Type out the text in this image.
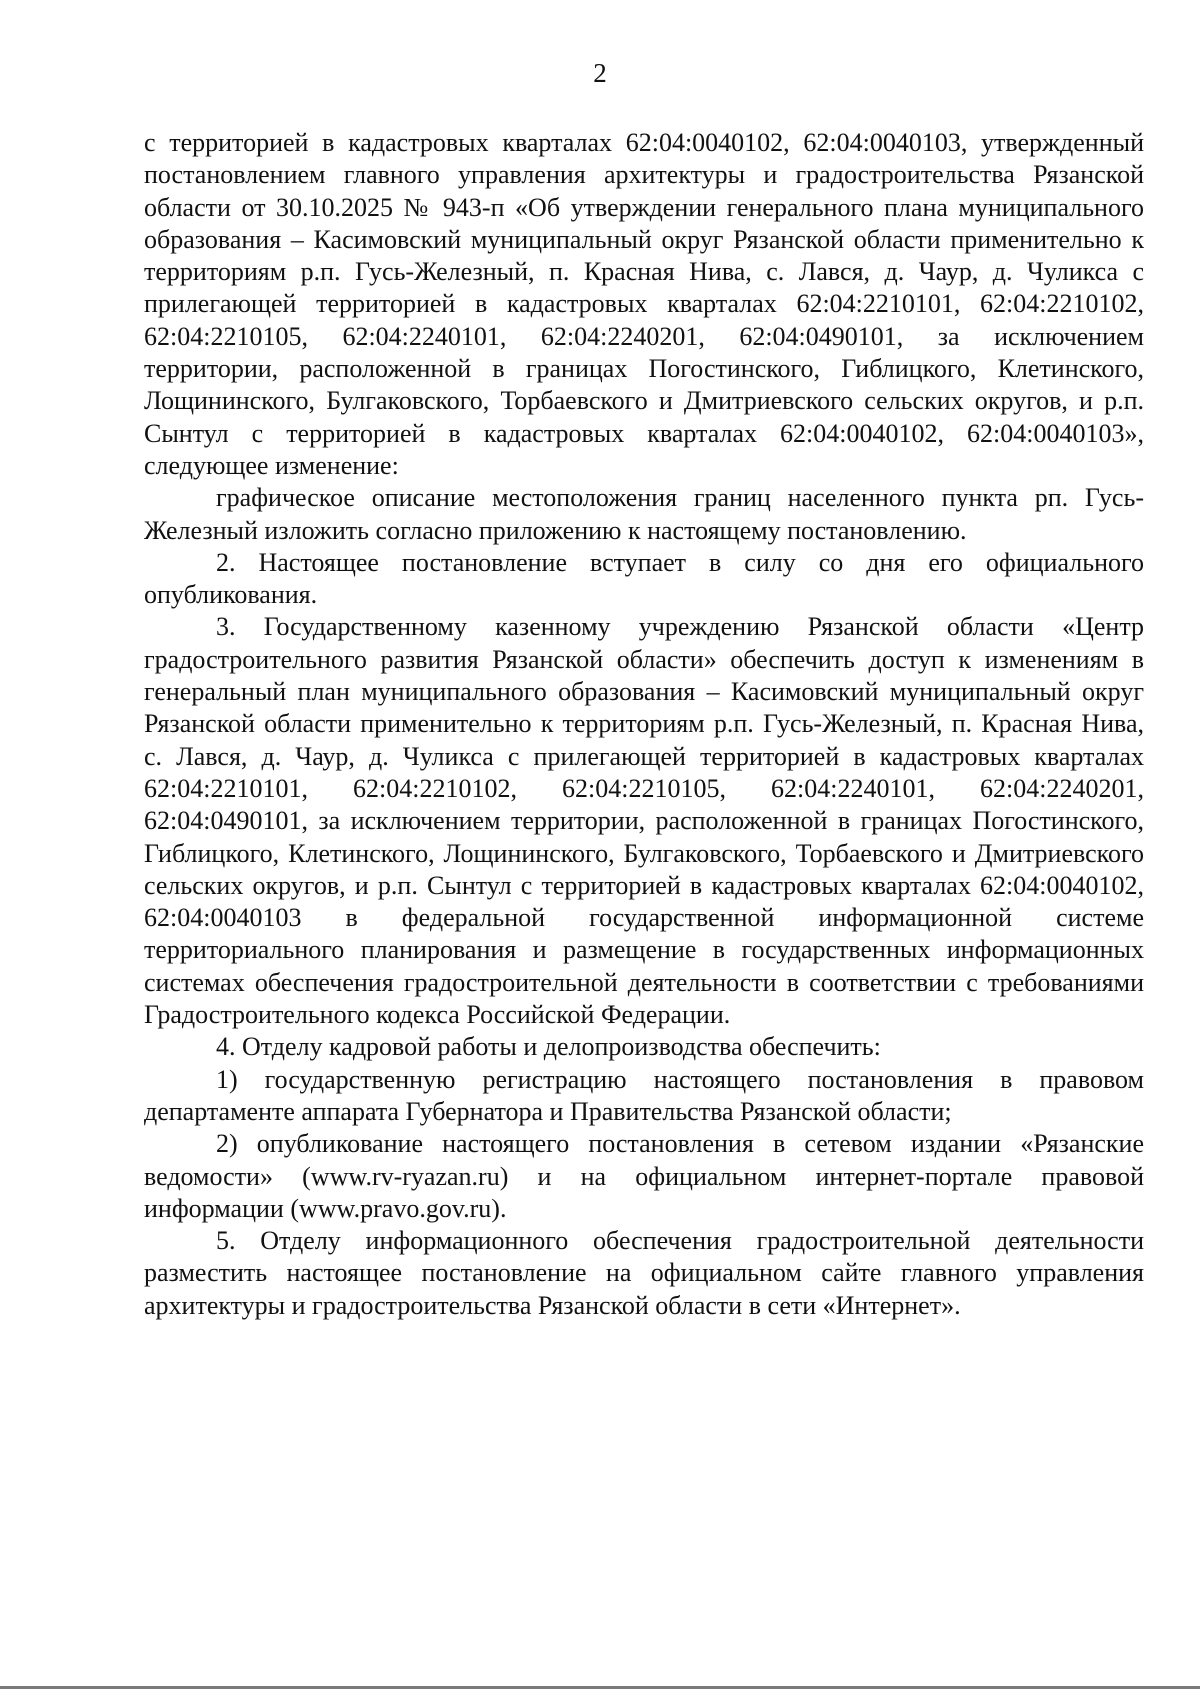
2

с территорией в кадастровых кварталах 62:04:0040102, 62:04:0040103, утвержденный постановлением главного управления архитектуры и градостроительства Рязанской области от 30.10.2025 № 943-п «Об утверждении генерального плана муниципального образования – Касимовский муниципальный округ Рязанской области применительно к территориям р.п. Гусь-Железный, п. Красная Нива, с. Лався, д. Чаур, д. Чуликса с прилегающей территорией в кадастровых кварталах 62:04:2210101, 62:04:2210102, 62:04:2210105, 62:04:2240101, 62:04:2240201, 62:04:0490101, за исключением территории, расположенной в границах Погостинского, Гиблицкого, Клетинского, Лощининского, Булгаковского, Торбаевского и Дмитриевского сельских округов, и р.п. Сынтул с территорией в кадастровых кварталах 62:04:0040102, 62:04:0040103», следующее изменение:

графическое описание местоположения границ населенного пункта рп. Гусь-Железный изложить согласно приложению к настоящему постановлению.

2. Настоящее постановление вступает в силу со дня его официального опубликования.

3. Государственному казенному учреждению Рязанской области «Центр градостроительного развития Рязанской области» обеспечить доступ к изменениям в генеральный план муниципального образования – Касимовский муниципальный округ Рязанской области применительно к территориям р.п. Гусь-Железный, п. Красная Нива, с. Лався, д. Чаур, д. Чуликса с прилегающей территорией в кадастровых кварталах 62:04:2210101, 62:04:2210102, 62:04:2210105, 62:04:2240101, 62:04:2240201, 62:04:0490101, за исключением территории, расположенной в границах Погостинского, Гиблицкого, Клетинского, Лощининского, Булгаковского, Торбаевского и Дмитриевского сельских округов, и р.п. Сынтул с территорией в кадастровых кварталах 62:04:0040102, 62:04:0040103 в федеральной государственной информационной системе территориального планирования и размещение в государственных информационных системах обеспечения градостроительной деятельности в соответствии с требованиями Градостроительного кодекса Российской Федерации.

4. Отделу кадровой работы и делопроизводства обеспечить:

1) государственную регистрацию настоящего постановления в правовом департаменте аппарата Губернатора и Правительства Рязанской области;

2) опубликование настоящего постановления в сетевом издании «Рязанские ведомости» (www.rv-ryazan.ru) и на официальном интернет-портале правовой информации (www.pravo.gov.ru).

5. Отделу информационного обеспечения градостроительной деятельности разместить настоящее постановление на официальном сайте главного управления архитектуры и градостроительства Рязанской области в сети «Интернет».
